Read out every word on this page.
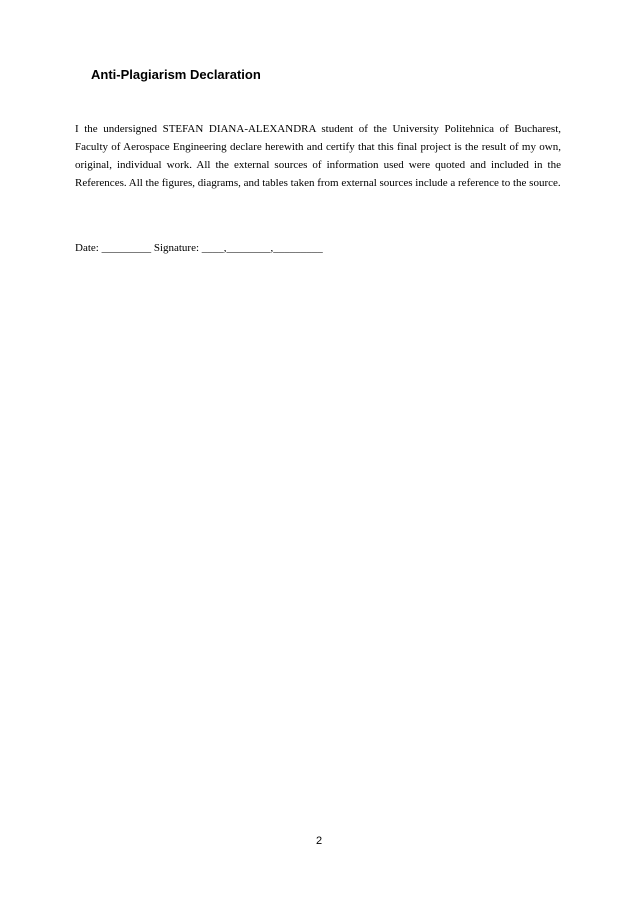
Anti-Plagiarism Declaration
I the undersigned STEFAN DIANA-ALEXANDRA student of the University Politehnica of Bucharest, Faculty of Aerospace Engineering declare herewith and certify that this final project is the result of my own, original, individual work. All the external sources of information used were quoted and included in the References. All the figures, diagrams, and tables taken from external sources include a reference to the source.
Date: _________ Signature: ____,________,_________
2
